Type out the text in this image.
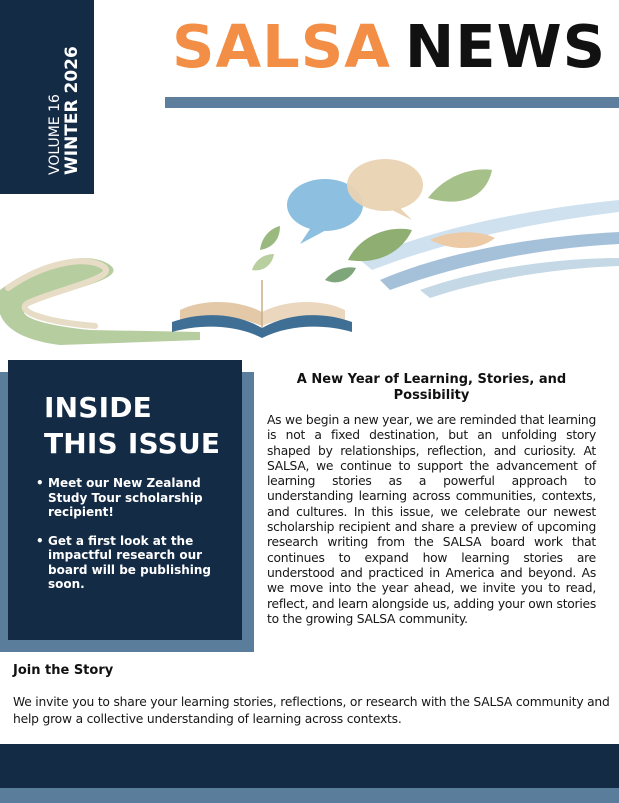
VOLUME 16 WINTER 2026 SALSA NEWS
INSIDE
THIS ISSUE
• Meet our New Zealand Study Tour scholarship recipient!
• Get a first look at the impactful research our board will be publishing soon.
A New Year of Learning, Stories, and Possibility

As we begin a new year, we are reminded that learning is not a fixed destination, but an unfolding story shaped by relationships, reflection, and curiosity. At SALSA, we continue to support the advancement of learning stories as a powerful approach to understanding learning across communities, contexts, and cultures. In this issue, we celebrate our newest scholarship recipient and share a preview of upcoming research writing from the SALSA board work that continues to expand how learning stories are understood and practiced in America and beyond. As we move into the year ahead, we invite you to read, reflect, and learn alongside us, adding your own stories to the growing SALSA community.

Join the Story

We invite you to share your learning stories, reflections, or research with the SALSA community and help grow a collective understanding of learning across contexts.
